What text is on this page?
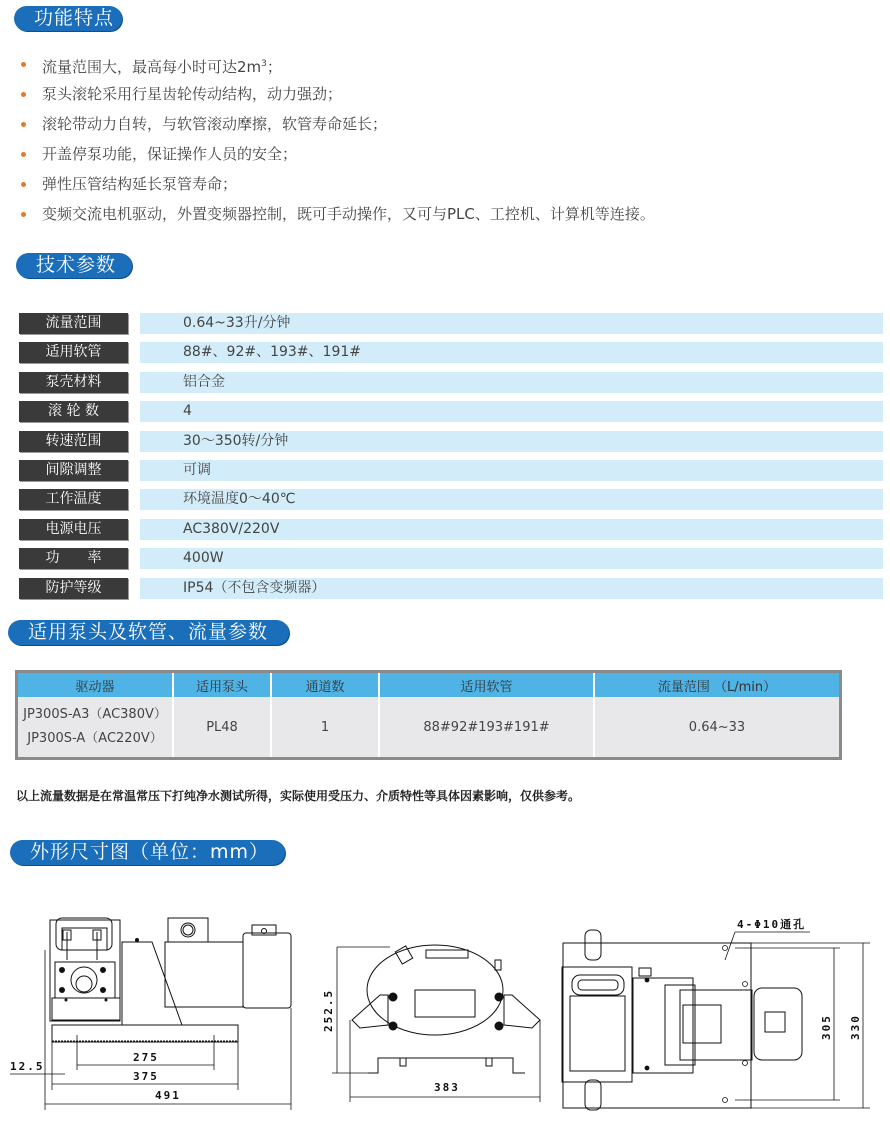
功能特点
流量范围大，最高每小时可达$2m^3$；
泵头滚轮采用行星齿轮传动结构，动力强劲；
滚轮带动力自转，与软管滚动摩擦，软管寿命延长；
开盖停泵功能，保证操作人员的安全；
弹性压管结构延长泵管寿命；
变频交流电机驱动，外置变频器控制，既可手动操作，又可与PLC、工控机、计算机等连接。
技术参数
流量范围	0.64~33升/分钟
适用软管	88#、92#、193#、191#
泵壳材料	铝合金
滚 轮 数	4
转速范围	30～350转/分钟
间隙调整	可调
工作温度	环境温度0～40℃
电源电压	AC380V/220V
功　　率	400W
防护等级	IP54（不包含变频器）
适用泵头及软管、流量参数
驱动器	适用泵头	通道数	适用软管	流量范围 （L/min）

JP300S-A3（AC380V）
JP300S-A（AC220V）	PL48	1	88#92#193#191#	0.64~33
以上流量数据是在常温常压下打纯净水测试所得，实际使用受压力、介质特性等具体因素影响，仅供参考。
外形尺寸图（单位：mm）
275
375
491
12.5
383
252.5
4-Φ10通孔
305 330
